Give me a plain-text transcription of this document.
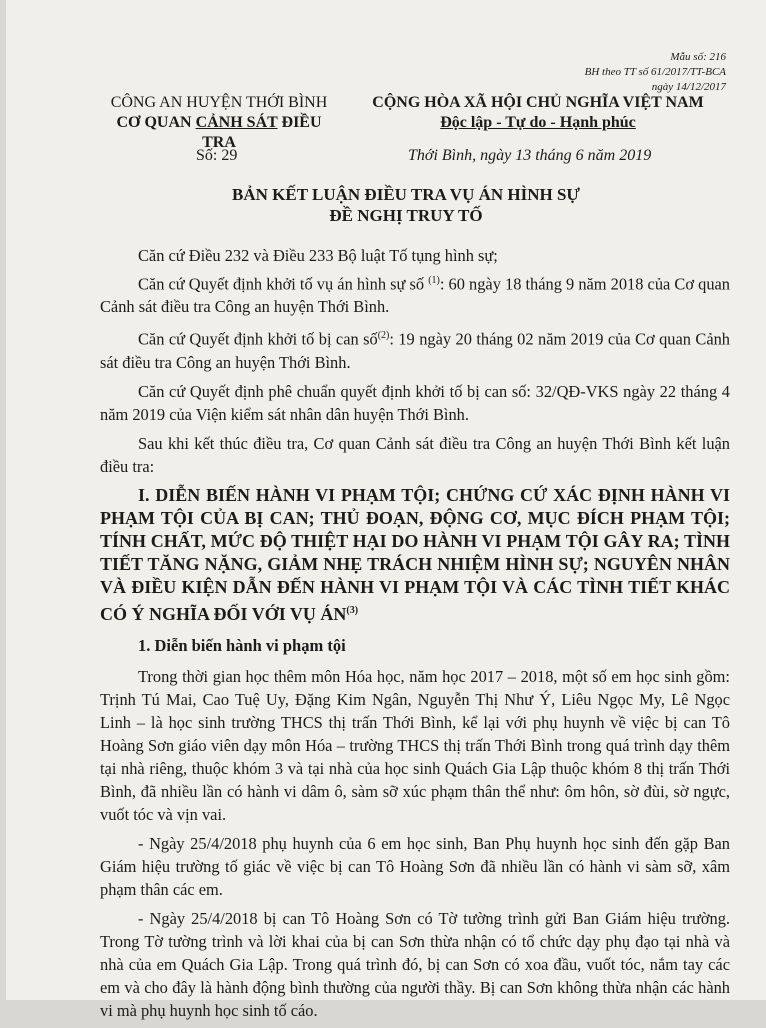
Mẫu số: 216
BH theo TT số 61/2017/TT-BCA
ngày 14/12/2017
CÔNG AN HUYỆN THỚI BÌNH
CƠ QUAN CẢNH SÁT ĐIỀU TRA
CỘNG HÒA XÃ HỘI CHỦ NGHĨA VIỆT NAM
Độc lập - Tự do - Hạnh phúc
Số: 29	Thới Bình, ngày 13 tháng 6 năm 2019
BẢN KẾT LUẬN ĐIỀU TRA VỤ ÁN HÌNH SỰ
ĐỀ NGHỊ TRUY TỐ

Căn cứ Điều 232 và Điều 233 Bộ luật Tố tụng hình sự;

Căn cứ Quyết định khởi tố vụ án hình sự số $^{(1)}$: 60 ngày 18 tháng 9 năm 2018 của Cơ quan Cảnh sát điều tra Công an huyện Thới Bình.

Căn cứ Quyết định khởi tố bị can số$^{(2)}$: 19 ngày 20 tháng 02 năm 2019 của Cơ quan Cảnh sát điều tra Công an huyện Thới Bình.

Căn cứ Quyết định phê chuẩn quyết định khởi tố bị can số: 32/QĐ-VKS ngày 22 tháng 4 năm 2019 của Viện kiểm sát nhân dân huyện Thới Bình.

Sau khi kết thúc điều tra, Cơ quan Cảnh sát điều tra Công an huyện Thới Bình kết luận điều tra:

I. DIỄN BIẾN HÀNH VI PHẠM TỘI; CHỨNG CỨ XÁC ĐỊNH HÀNH VI PHẠM TỘI CỦA BỊ CAN; THỦ ĐOẠN, ĐỘNG CƠ, MỤC ĐÍCH PHẠM TỘI; TÍNH CHẤT, MỨC ĐỘ THIỆT HẠI DO HÀNH VI PHẠM TỘI GÂY RA; TÌNH TIẾT TĂNG NẶNG, GIẢM NHẸ TRÁCH NHIỆM HÌNH SỰ; NGUYÊN NHÂN VÀ ĐIỀU KIỆN DẪN ĐẾN HÀNH VI PHẠM TỘI VÀ CÁC TÌNH TIẾT KHÁC CÓ Ý NGHĨA ĐỐI VỚI VỤ ÁN$^{(3)}$
1. Diễn biến hành vi phạm tội

Trong thời gian học thêm môn Hóa học, năm học 2017 – 2018, một số em học sinh gồm: Trịnh Tú Mai, Cao Tuệ Uy, Đặng Kim Ngân, Nguyễn Thị Như Ý, Liêu Ngọc My, Lê Ngọc Linh – là học sinh trường THCS thị trấn Thới Bình, kể lại với phụ huynh về việc bị can Tô Hoàng Sơn giáo viên dạy môn Hóa – trường THCS thị trấn Thới Bình trong quá trình dạy thêm tại nhà riêng, thuộc khóm 3 và tại nhà của học sinh Quách Gia Lập thuộc khóm 8 thị trấn Thới Bình, đã nhiều lần có hành vi dâm ô, sàm sỡ xúc phạm thân thể như: ôm hôn, sờ đùi, sờ ngực, vuốt tóc và vịn vai.

- Ngày 25/4/2018 phụ huynh của 6 em học sinh, Ban Phụ huynh học sinh đến gặp Ban Giám hiệu trường tố giác về việc bị can Tô Hoàng Sơn đã nhiều lần có hành vi sàm sỡ, xâm phạm thân các em.

- Ngày 25/4/2018 bị can Tô Hoàng Sơn có Tờ tường trình gửi Ban Giám hiệu trường. Trong Tờ tường trình và lời khai của bị can Sơn thừa nhận có tổ chức dạy phụ đạo tại nhà và nhà của em Quách Gia Lập. Trong quá trình đó, bị can Sơn có xoa đầu, vuốt tóc, nắm tay các em và cho đây là hành động bình thường của người thầy. Bị can Sơn không thừa nhận các hành vi mà phụ huynh học sinh tố cáo.
